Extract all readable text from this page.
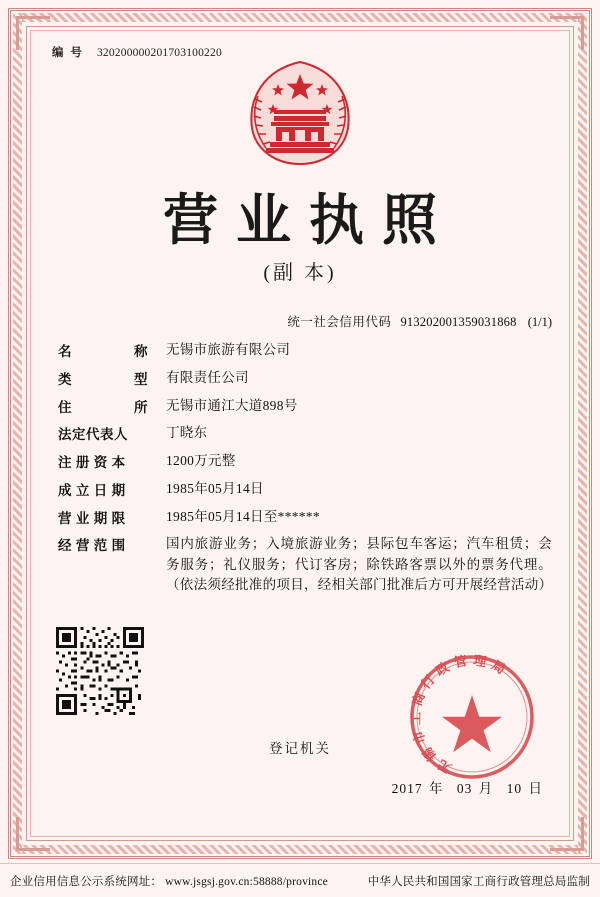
编 号 320200000201703100220
营业执照
(副 本)
统一社会信用代码 913202001359031868 (1/1)
名	称 无锡市旅游有限公司
类	型 有限责任公司
住	所 无锡市通江大道898号
法定代表人	丁晓东
注 册 资 本	1200万元整
成 立 日 期	1985年05月14日
营 业 期 限	1985年05月14日至******
经 营 范 围	国内旅游业务；入境旅游业务；县际包车客运；汽车租赁；会务服务；礼仪服务；代订客房；除铁路客票以外的票务代理。（依法须经批准的项目，经相关部门批准后方可开展经营活动）
登记机关
无锡市工商行政管理局
2017 年 03 月 10 日
企业信用信息公示系统网址： www.jsgsj.gov.cn:58888/province	中华人民共和国国家工商行政管理总局监制
